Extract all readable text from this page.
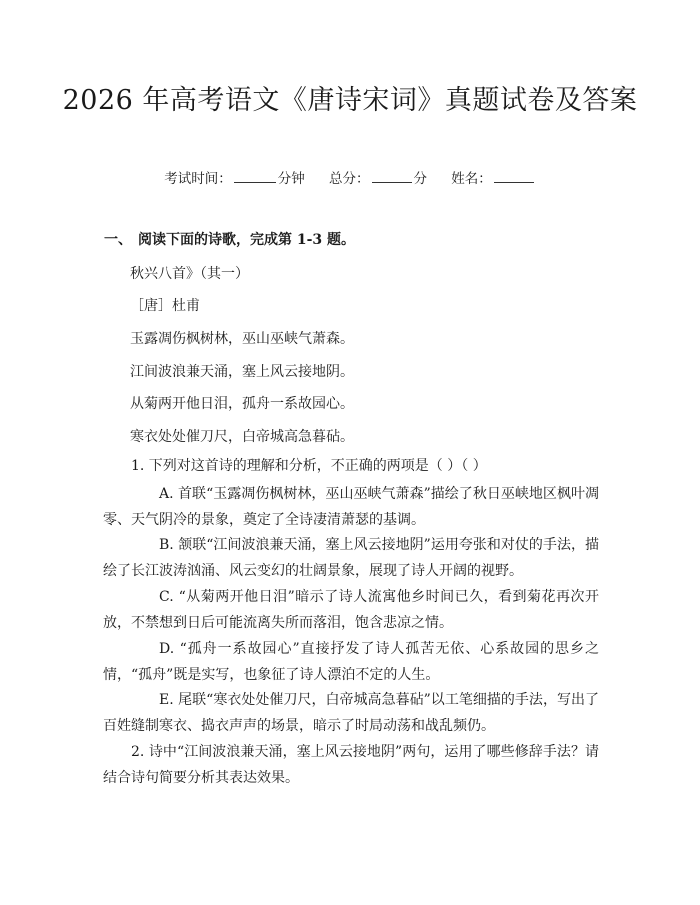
2026 年高考语文《唐诗宋词》真题试卷及答案
考试时间：	分钟 总分：	分 姓名：
一、 阅读下面的诗歌，完成第 1-3 题。
秋兴八首》（其一）
［唐］杜甫
玉露凋伤枫树林，巫山巫峡气萧森。
江间波浪兼天涌，塞上风云接地阴。
从菊两开他日泪，孤舟一系故园心。
寒衣处处催刀尺，白帝城高急暮砧。
1. 下列对这首诗的理解和分析，不正确的两项是（ ）（ ）

A. 首联“玉露凋伤枫树林，巫山巫峡气萧森”描绘了秋日巫峡地区枫叶凋零、天气阴冷的景象，奠定了全诗凄清萧瑟的基调。

B. 颔联“江间波浪兼天涌，塞上风云接地阴”运用夸张和对仗的手法，描绘了长江波涛汹涌、风云变幻的壮阔景象，展现了诗人开阔的视野。

C. “从菊两开他日泪”暗示了诗人流寓他乡时间已久，看到菊花再次开放，不禁想到日后可能流离失所而落泪，饱含悲凉之情。

D. “孤舟一系故园心”直接抒发了诗人孤苦无依、心系故园的思乡之情，“孤舟”既是实写，也象征了诗人漂泊不定的人生。

E. 尾联“寒衣处处催刀尺，白帝城高急暮砧”以工笔细描的手法，写出了百姓缝制寒衣、捣衣声声的场景，暗示了时局动荡和战乱频仍。

2. 诗中“江间波浪兼天涌，塞上风云接地阴”两句，运用了哪些修辞手法？请结合诗句简要分析其表达效果。
